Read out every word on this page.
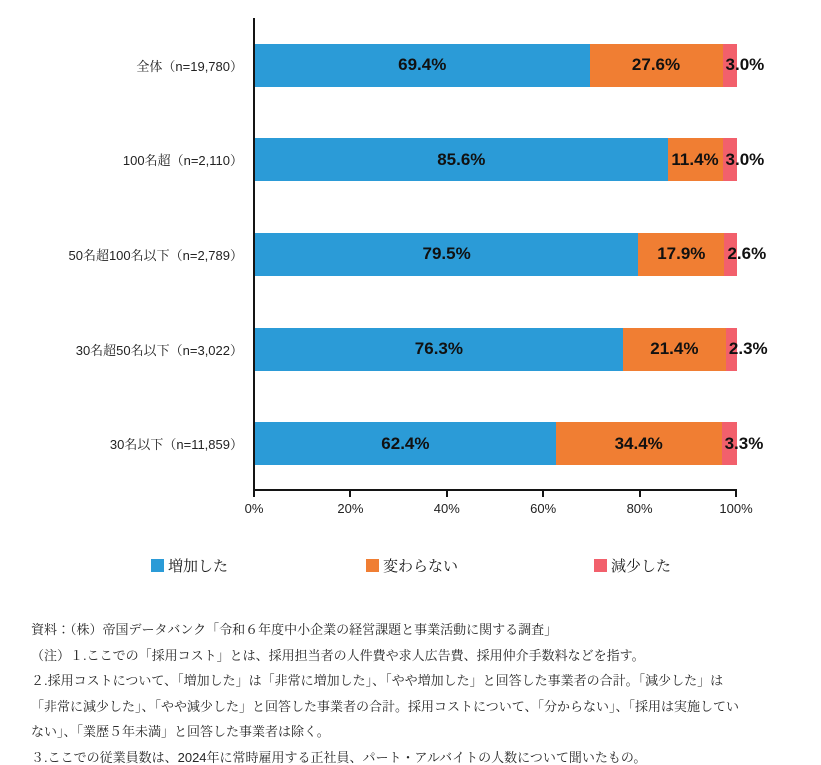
全体（n=19,780）	69.4%	27.6%	3.0%
100名超（n=2,110）	85.6%	11.4% 3.0%
50名超100名以下（n=2,789）	79.5%	17.9%	2.6%
30名超50名以下（n=3,022）	76.3%	21.4%	2.3%
30名以下（n=11,859）	62.4%	34.4%	3.3%
0%	20%	40%	60%	80%	100%
増加した	変わらない	減少した
資料：（株）帝国データバンク「令和６年度中小企業の経営課題と事業活動に関する調査」
（注）１.ここでの「採用コスト」とは、採用担当者の人件費や求人広告費、採用仲介手数料などを指す。
２.採用コストについて、「増加した」は「非常に増加した」、「やや増加した」と回答した事業者の合計。「減少した」は
「非常に減少した」、「やや減少した」と回答した事業者の合計。採用コストについて、「分からない」、「採用は実施してい
ない」、「業歴５年未満」と回答した事業者は除く。
３.ここでの従業員数は、2024年に常時雇用する正社員、パート・アルバイトの人数について聞いたもの。
